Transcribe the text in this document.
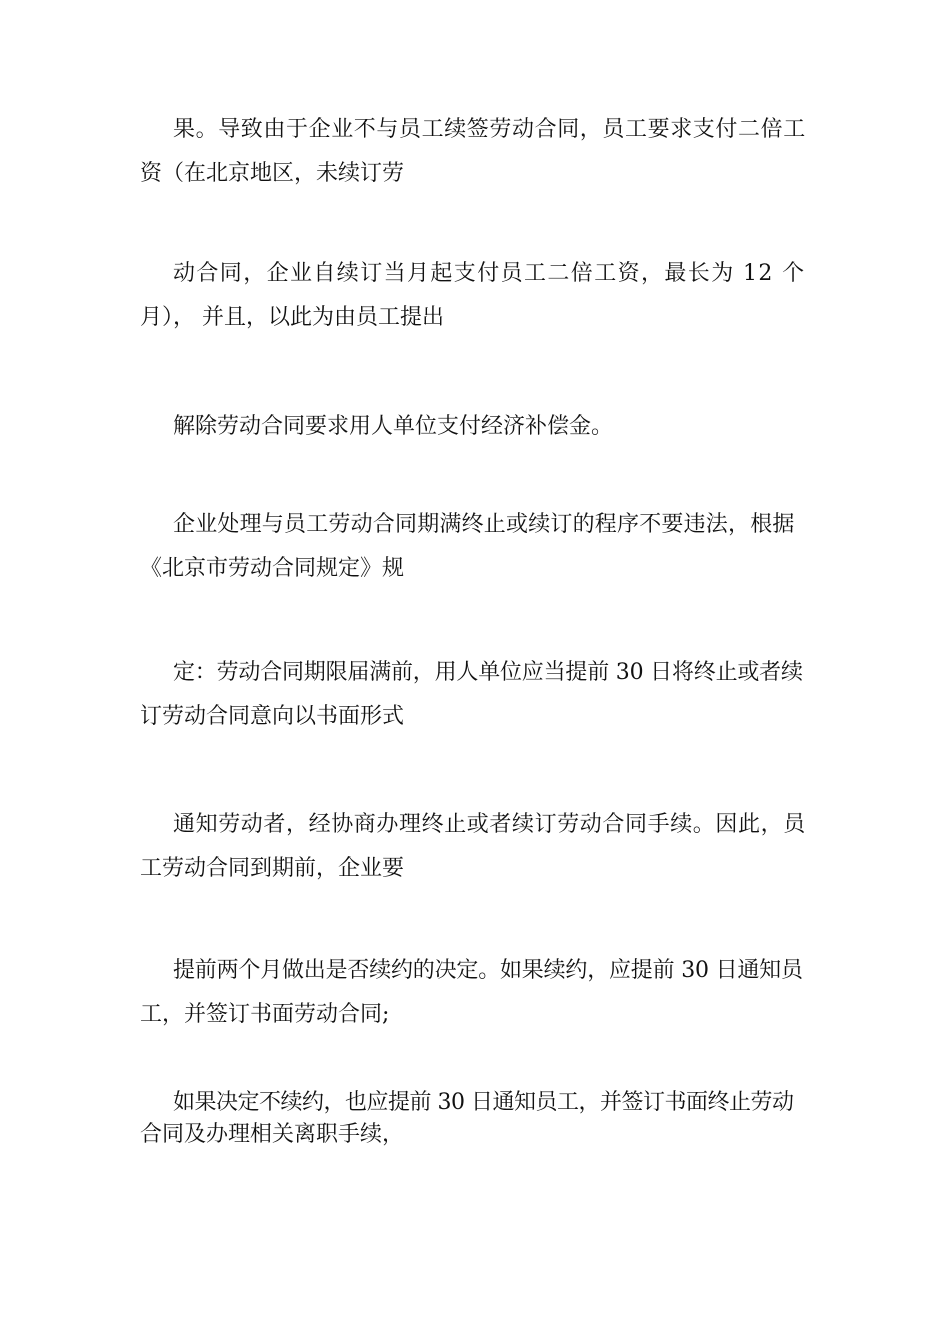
果。导致由于企业不与员工续签劳动合同，员工要求支付二倍工
资（在北京地区，未续订劳
动合同，企业自续订当月起支付员工二倍工资，最长为 12 个
月）， 并且，以此为由员工提出
解除劳动合同要求用人单位支付经济补偿金。
企业处理与员工劳动合同期满终止或续订的程序不要违法，根据
《北京市劳动合同规定》规
定：劳动合同期限届满前，用人单位应当提前 30 日将终止或者续
订劳动合同意向以书面形式
通知劳动者，经协商办理终止或者续订劳动合同手续。因此，员
工劳动合同到期前，企业要
提前两个月做出是否续约的决定。如果续约，应提前 30 日通知员
工，并签订书面劳动合同;
如果决定不续约，也应提前 30 日通知员工，并签订书面终止劳动
合同及办理相关离职手续，
